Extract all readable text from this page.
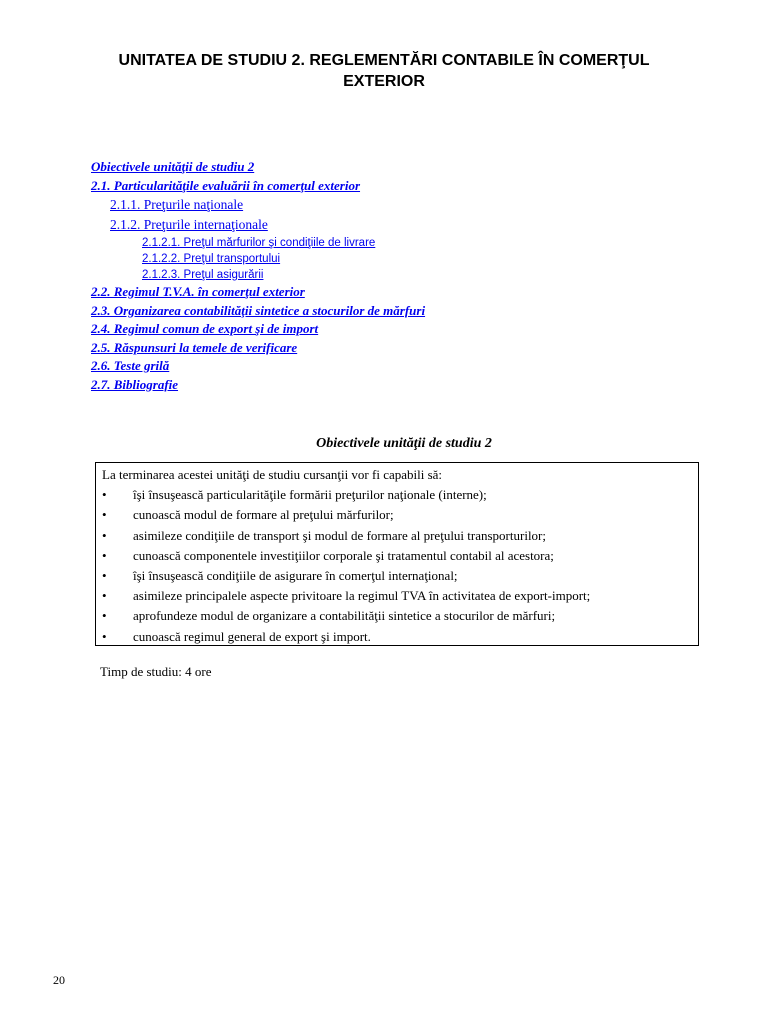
UNITATEA DE STUDIU 2. REGLEMENTĂRI CONTABILE ÎN COMERŢUL
EXTERIOR
Obiectivele unităţii de studiu 2
2.1. Particularităţile evaluării în comerţul exterior
2.1.1. Preţurile naţionale
2.1.2. Preţurile internaţionale
2.1.2.1. Preţul mărfurilor şi condiţiile de livrare
2.1.2.2. Preţul transportului
2.1.2.3. Preţul asigurării
2.2. Regimul T.V.A. în comerţul exterior
2.3. Organizarea contabilităţii sintetice a stocurilor de mărfuri
2.4. Regimul comun de export şi de import
2.5. Răspunsuri la temele de verificare
2.6. Teste grilă
2.7. Bibliografie
Obiectivele unităţii de studiu 2
La terminarea acestei unităţi de studiu cursanţii vor fi capabili să:
• îşi însuşească particularităţile formării preţurilor naţionale (interne);
• cunoască modul de formare al preţului mărfurilor;
• asimileze condiţiile de transport şi modul de formare al preţului transporturilor;
• cunoască componentele investiţiilor corporale şi tratamentul contabil al acestora;
• îşi însuşească condiţiile de asigurare în comerţul internaţional;
• asimileze principalele aspecte privitoare la regimul TVA în activitatea de export-import;
• aprofundeze modul de organizare a contabilităţii sintetice a stocurilor de mărfuri;
• cunoască regimul general de export şi import.
Timp de studiu: 4 ore
20
